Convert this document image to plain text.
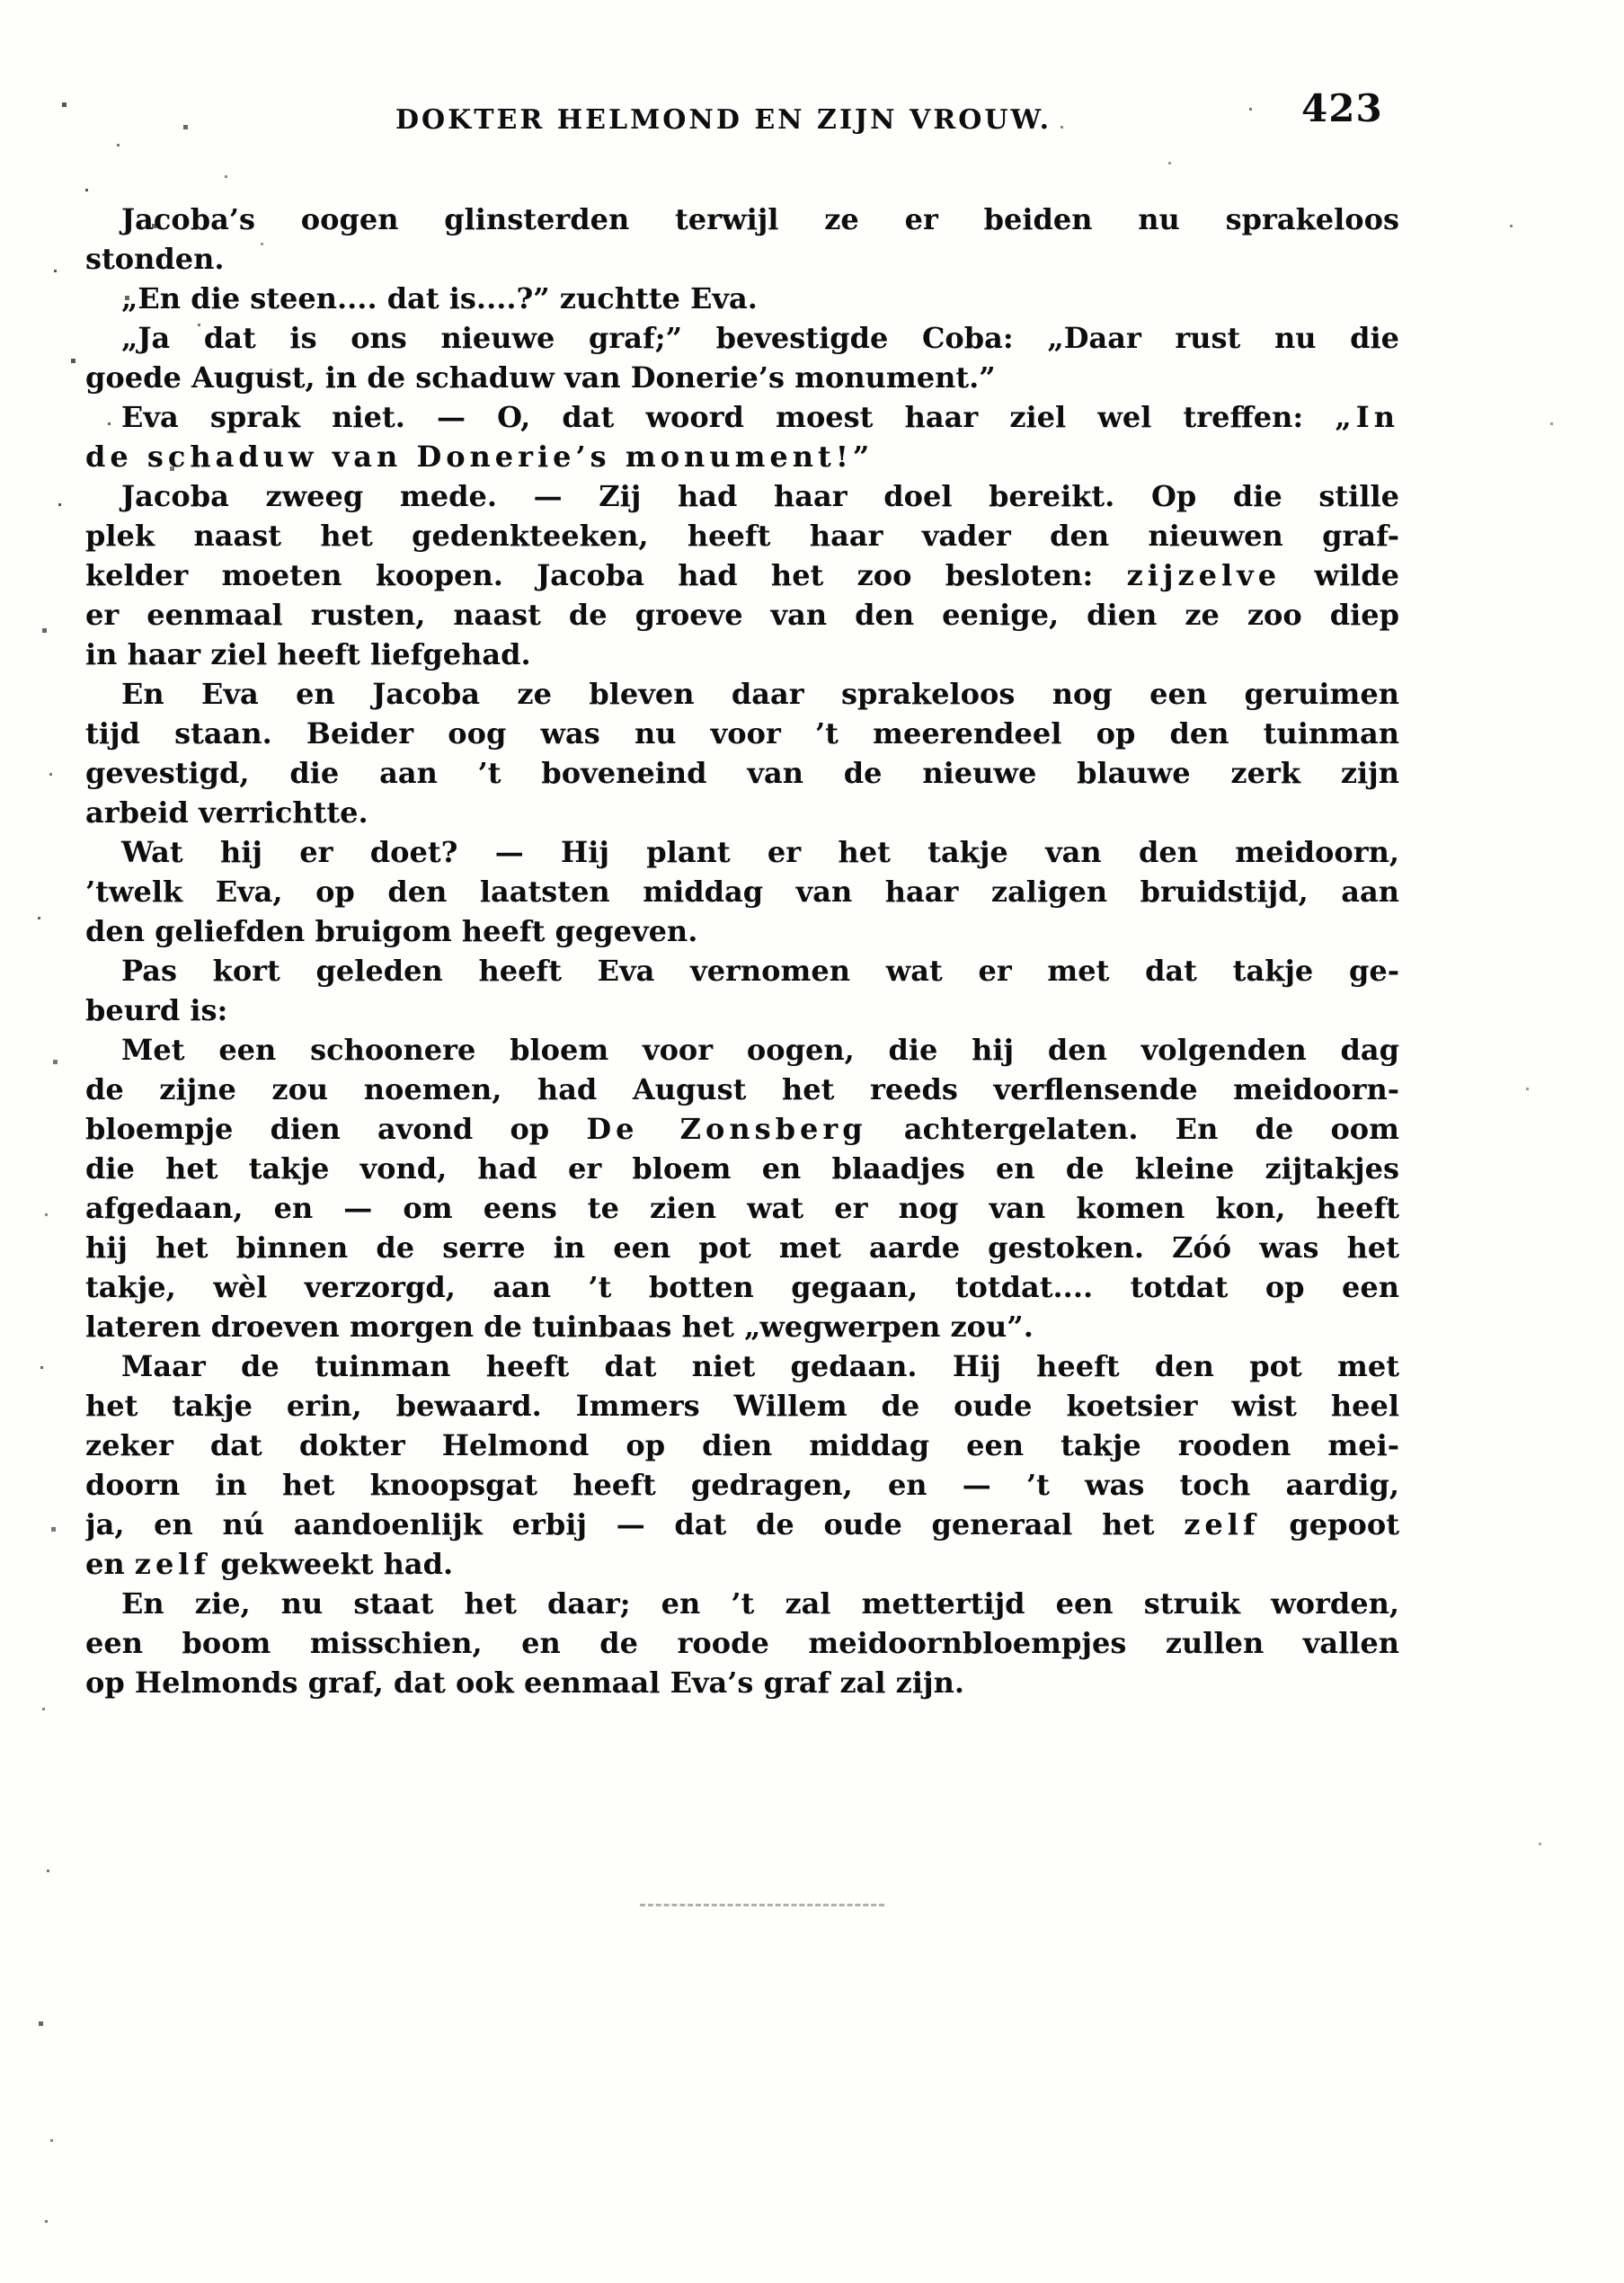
DOKTER HELMOND EN ZIJN VROUW.	423
Jacoba’s oogen glinsterden terwijl ze er beiden nu sprakeloos
stonden.
„En die steen.... dat is....?” zuchtte Eva.
„Ja dat is ons nieuwe graf;” bevestigde Coba: „Daar rust nu die
goede August, in de schaduw van Donerie’s monument.”
Eva sprak niet. — O, dat woord moest haar ziel wel treffen: „In
de schaduw van Donerie’s monument!”
Jacoba zweeg mede. — Zij had haar doel bereikt. Op die stille
plek naast het gedenkteeken, heeft haar vader den nieuwen graf-
kelder moeten koopen. Jacoba had het zoo besloten: zijzelve wilde
er eenmaal rusten, naast de groeve van den eenige, dien ze zoo diep
in haar ziel heeft liefgehad.
En Eva en Jacoba ze bleven daar sprakeloos nog een geruimen
tijd staan. Beider oog was nu voor ’t meerendeel op den tuinman
gevestigd, die aan ’t boveneind van de nieuwe blauwe zerk zijn
arbeid verrichtte.
Wat hij er doet? — Hij plant er het takje van den meidoorn,
’twelk Eva, op den laatsten middag van haar zaligen bruidstijd, aan
den geliefden bruigom heeft gegeven.
Pas kort geleden heeft Eva vernomen wat er met dat takje ge-
beurd is:
Met een schoonere bloem voor oogen, die hij den volgenden dag
de zijne zou noemen, had August het reeds verflensende meidoorn-
bloempje dien avond op De Zonsberg achtergelaten. En de oom
die het takje vond, had er bloem en blaadjes en de kleine zijtakjes
afgedaan, en — om eens te zien wat er nog van komen kon, heeft
hij het binnen de serre in een pot met aarde gestoken. Zóó was het
takje, wèl verzorgd, aan ’t botten gegaan, totdat.... totdat op een
lateren droeven morgen de tuinbaas het „wegwerpen zou”.
Maar de tuinman heeft dat niet gedaan. Hij heeft den pot met
het takje erin, bewaard. Immers Willem de oude koetsier wist heel
zeker dat dokter Helmond op dien middag een takje rooden mei-
doorn in het knoopsgat heeft gedragen, en — ’t was toch aardig,
ja, en nú aandoenlijk erbij — dat de oude generaal het zelf gepoot
en zelf gekweekt had.
En zie, nu staat het daar; en ’t zal mettertijd een struik worden,
een boom misschien, en de roode meidoornbloempjes zullen vallen
op Helmonds graf, dat ook eenmaal Eva’s graf zal zijn.
